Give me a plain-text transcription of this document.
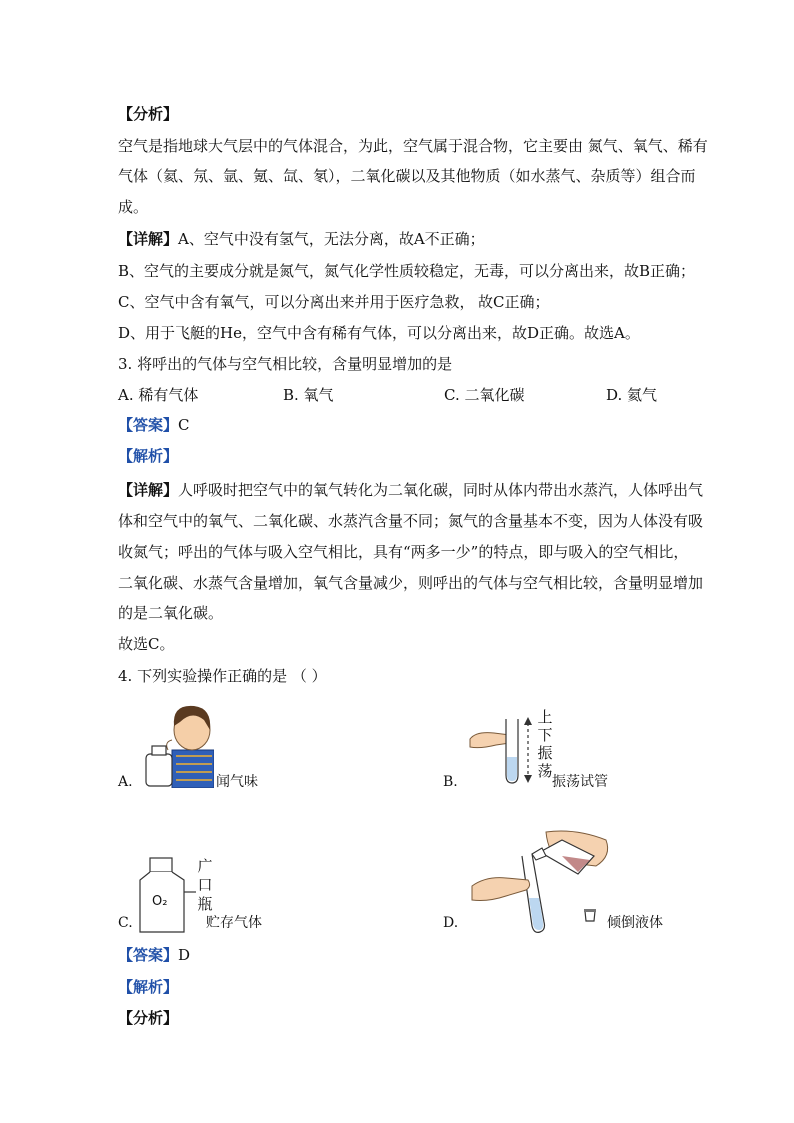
【分析】
空气是指地球大气层中的气体混合，为此，空气属于混合物，它主要由 氮气、氧气、稀有
气体（氦、氖、氩、氪、氙、氡），二氧化碳以及其他物质（如水蒸气、杂质等）组合而
成。
【详解】A、空气中没有氢气，无法分离，故A不正确；
B、空气的主要成分就是氮气，氮气化学性质较稳定，无毒，可以分离出来，故B正确；
C、空气中含有氧气，可以分离出来并用于医疗急救， 故C正确；
D、用于飞艇的He，空气中含有稀有气体，可以分离出来，故D正确。故选A。
3. 将呼出的气体与空气相比较，含量明显增加的是
A. 稀有气体	B. 氧气	C. 二氧化碳	D. 氦气
【答案】C
【解析】
【详解】人呼吸时把空气中的氧气转化为二氧化碳，同时从体内带出水蒸汽，人体呼出气
体和空气中的氧气、二氧化碳、水蒸汽含量不同；氮气的含量基本不变，因为人体没有吸
收氮气；呼出的气体与吸入空气相比，具有“两多一少”的特点，即与吸入的空气相比，
二氧化碳、水蒸气含量增加，氧气含量减少，则呼出的气体与空气相比较，含量明显增加
的是二氧化碳。
故选C。
4. 下列实验操作正确的是 （ ）
A.	闻气味	B.
上
下
振
荡
振荡试管
C.
O₂
广
口
瓶
贮存气体	D.	倾倒液体
【答案】D
【解析】
【分析】
